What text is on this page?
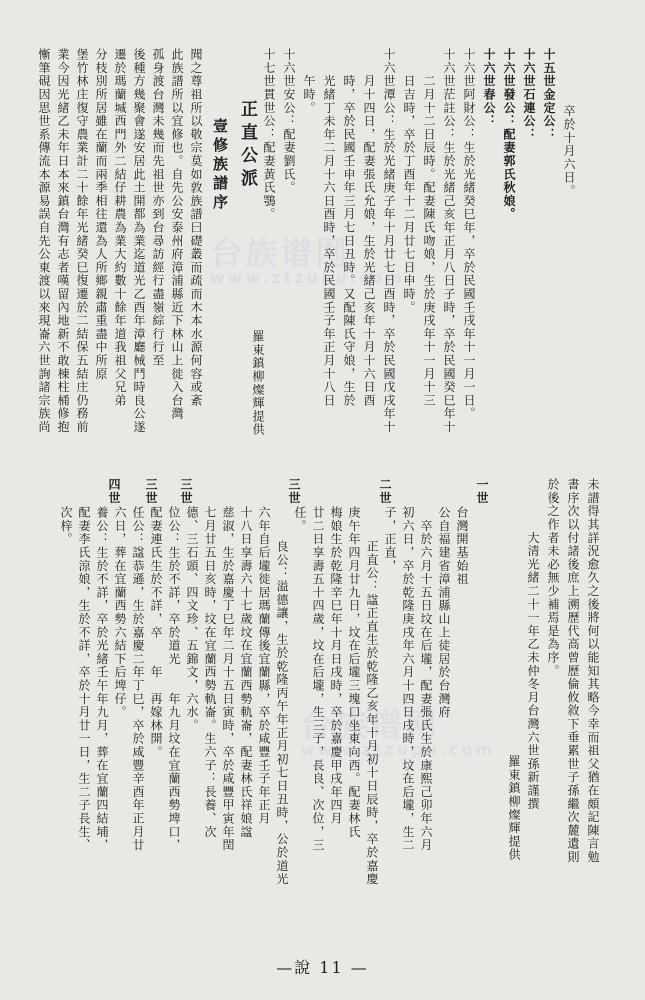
台族谱网
www.ztzupu.com
台族谱网
www.ztzupu.com
　　卒於十月六日。
十五世金定公：
十六世石連公：
十六世發公：配妻郭氏秋娘。
十六世春公：
十六世阿財公：生於光緒癸巳年，卒於民國壬戌年十一月一日。
十六世茫註公：生於光緒己亥年正月八日子時，卒於民國癸巳年十
　　二月十二日辰時。配妻陳氏吻娘，生於庚戌年十一月十三
　　日吉時，卒於丁酉年十二月廿七日申時。
十六世潭公：生於光緒庚子年十月廿七日酉時，卒於民國戊戌年十
　　月十四日，配妻張氏允娘，生於光緒己亥年十月十六日酉
　　時，卒於民國壬申年三月七日丑時。又配陳氏守娘，生於
　　光緒丁未年二月十六日酉時，卒於民國壬子年正月十八日
　　午時。
十六世安公：配妻劉氏。
十七世貫世公：配妻黃氏鶚。
正直公派
壹修族譜序
羅東鎮柳燦輝提供
聞之尊祖所以敬宗莫如敦族譜曰礎叢而疏而木本水源何容或紊
此族譜所以宜修也。自先公安泰州府漳浦縣近下林山上徙入台灣
孤身渡台灣未幾而先祖世亦到台尋訪經行盡嶺綜行行至
後種方幾聚會遂安居此土開都為業迄道光乙酉年漳廳械鬥時良公遂
遷於瑪蘭堿西門外二結仔耕農為業大約數十餘年道我祖父兄弟
分枝別所居雖在蘭而兩季相往還為人所鄉親肅重盡中所原
堡竹林庄復守農業計二十餘年光緒癸巳復遷於二結保五結庄仍務前
業今因光緒乙未年日本來鎮台灣有志者嘆留內地新不敢棟柱桶修抱
慚筆硯因思世系傳流本源易誤自先公東渡以來現崙六世詢諸宗族尚
未譜得其詳況愈久之後將何以能知其略今幸而祖父猶在頗記陳言勉
書序次以付諸後庶上溯歷代高曾歷倫攸敘下垂累世子孫繼次麓遺則
於後之作者未必無少補焉是為序。
　　　　大清光緒二十一年乙未仲冬月台灣六世孫新謹撰
羅東鎮柳燦輝提供
一世
台灣開基始祖
公自福建省漳浦縣山上徒居於台灣府
　卒於六月十五日坟在后壠，配妻張氏生於康熙己卯年六月
初六日，卒於乾隆庚戌年六月十四日戌時，坟在后壠，生二
子，正直，
二世
正直公：諡正直生於乾隆乙亥年十月初十日辰時，卒於嘉慶
庚午年四月廿九日，坟在后壠三塊口坐東向西。配妻林氏
梅娘生於乾隆辛巳年十月日戌時，卒於嘉慶甲戌年四月
廿二日享壽五十四歲，坟在后壠，生三子，長良、次位，三
任。
三世
良公：溢德讓，生於乾隆丙午年正月初七日丑時，公於道光
六年自后壠徙居瑪蘭傳後宜蘭縣，卒於咸豐壬子年正月
十八日享壽六十七歲坟在宜蘭西勢軌崙，配妻林氏祥娘諡
慈淑，生於嘉慶丁巳年二月十五日寅時，卒於咸豐甲寅年閏
七月廿五日亥時，坟在宜蘭西勢軌崙。生六子：長養、次
德、三石頭、四文珍、五錦文，六水。
三世
位公：生於不詳，卒於道光　　年九月坟在宜蘭西勢埤口，
配妻連氏生於不詳，卒　　年　再嫁林開。
三世
任公：諡恭遜，生於嘉慶二年丁巳，卒於咸豐辛酉年正月廿
六日，葬在宜蘭西勢六結下后埤仔。
四世
養公：生於不詳，卒於光緒壬午年九月，葬在宜蘭四結埔，
配妻李氏涼娘，生於不詳，卒於十月廿一日，生二子長生、
次梓。
—說 11 —
